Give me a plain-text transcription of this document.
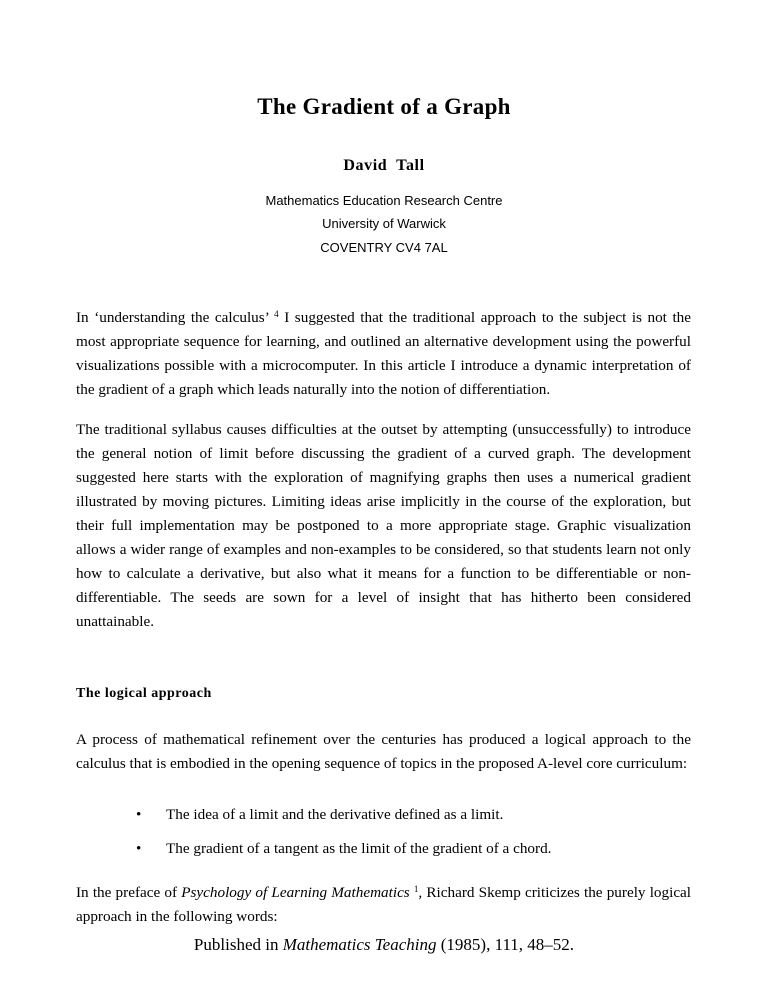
The Gradient of a Graph
David  Tall
Mathematics Education Research Centre
University of Warwick
COVENTRY CV4 7AL

In ‘understanding the calculus’ $^4$ I suggested that the traditional approach to the subject is not the most appropriate sequence for learning, and outlined an alternative development using the powerful visualizations possible with a microcomputer. In this article I introduce a dynamic interpretation of the gradient of a graph which leads naturally into the notion of differentiation.

The traditional syllabus causes difficulties at the outset by attempting (unsuccessfully) to introduce the general notion of limit before discussing the gradient of a curved graph. The development suggested here starts with the exploration of magnifying graphs then uses a numerical gradient illustrated by moving pictures. Limiting ideas arise implicitly in the course of the exploration, but their full implementation may be postponed to a more appropriate stage. Graphic visualization allows a wider range of examples and non-examples to be considered, so that students learn not only how to calculate a derivative, but also what it means for a function to be differentiable or non-differentiable. The seeds are sown for a level of insight that has hitherto been considered unattainable.

The logical approach

A process of mathematical refinement over the centuries has produced a logical approach to the calculus that is embodied in the opening sequence of topics in the proposed A-level core curriculum:

•	The idea of a limit and the derivative defined as a limit.
•	The gradient of a tangent as the limit of the gradient of a chord.

In the preface of Psychology of Learning Mathematics $^1$, Richard Skemp criticizes the purely logical approach in the following words:

Published in Mathematics Teaching (1985), 111, 48–52.
